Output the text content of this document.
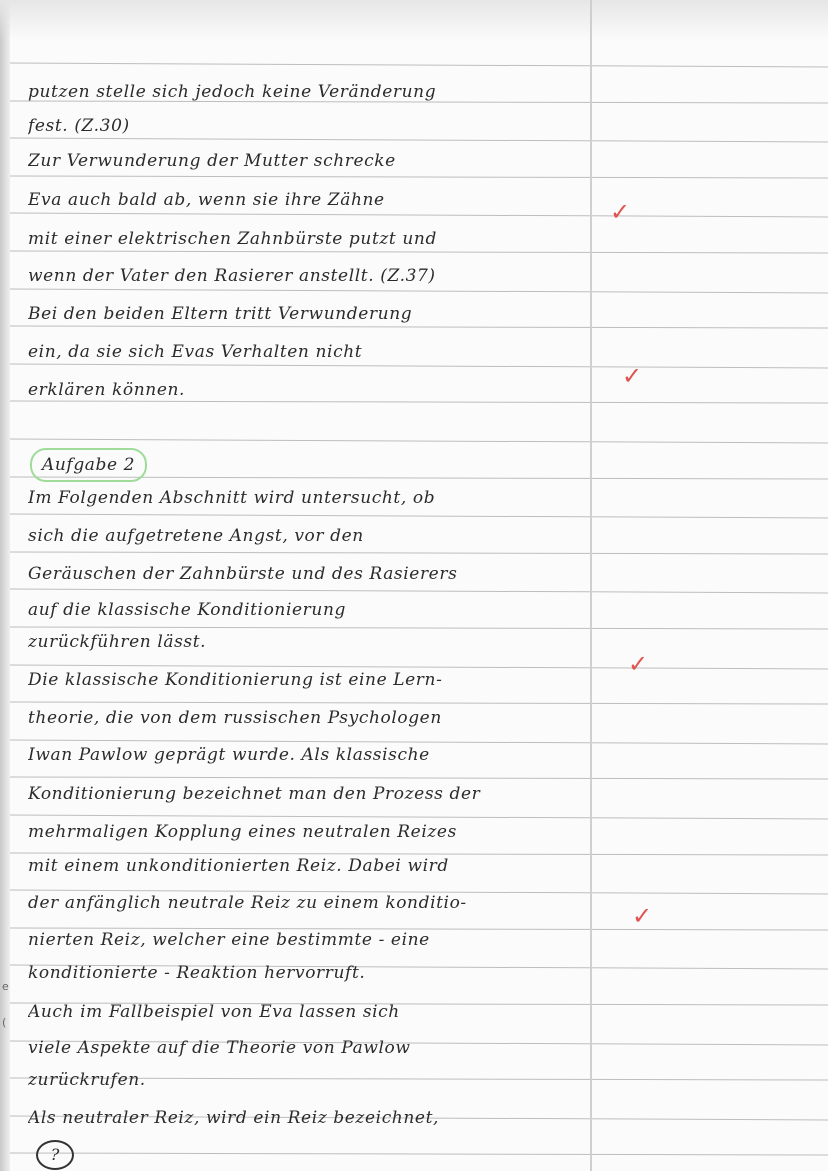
putzen stelle sich jedoch keine Veränderung
fest. (Z.30)
Zur Verwunderung der Mutter schrecke
Eva auch bald ab, wenn sie ihre Zähne
mit einer elektrischen Zahnbürste putzt und
wenn der Vater den Rasierer anstellt. (Z.37)
Bei den beiden Eltern tritt Verwunderung
ein, da sie sich Evas Verhalten nicht
erklären können.
Aufgabe 2
Im Folgenden Abschnitt wird untersucht, ob
sich die aufgetretene Angst, vor den
Geräuschen der Zahnbürste und des Rasierers
auf die klassische Konditionierung
zurückführen lässt.
Die klassische Konditionierung ist eine Lern-
theorie, die von dem russischen Psychologen
Iwan Pawlow geprägt wurde. Als klassische
Konditionierung bezeichnet man den Prozess der
mehrmaligen Kopplung eines neutralen Reizes
mit einem unkonditionierten Reiz. Dabei wird
der anfänglich neutrale Reiz zu einem konditio-
nierten Reiz, welcher eine bestimmte - eine
konditionierte - Reaktion hervorruft.
Auch im Fallbeispiel von Eva lassen sich
viele Aspekte auf die Theorie von Pawlow
zurückrufen.
Als neutraler Reiz, wird ein Reiz bezeichnet,
?
✓
✓
✓
✓
e
(
